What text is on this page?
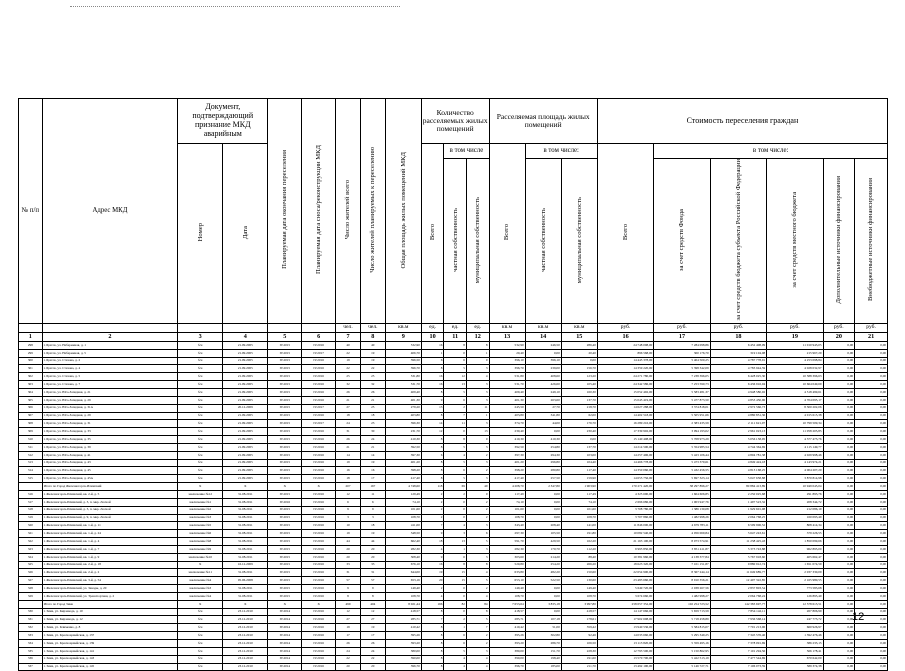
№ п/п	Адрес МКД	Документ, подтверждающий признание МКД аварийным		Планируемая дата окончания переселения	Планируемая дата сноса/реконструкции МКД	Число жителей всего	Число жителей планируемых к переселению	Общая площадь жилых помещений МКД	Количество расселяемых жилых помещений			Расселяемая площадь жилых помещений			Стоимость переселения граждан					
		Номер	Дата						Всего	в том числе		Всего	в том числе:		Всего	в том числе:				
										частная собственность	муниципальная собственность		частная собственность	муниципальная собственность		за счет средств Фонда	за счет средств бюджета субъекта Российской Федерации	за счет средств местного бюджета	Дополнительные источники финансирования	Внебюджетные источники финансирования
						чел.	чел.	кв.м	ед.	ед.	ед.	кв.м	кв.м	кв.м	руб.	руб.	руб.	руб.	руб.	руб.
1	2	3	4	5	6	7	8	9	10	11	12	13	14	15	16	17	18	19	20	21
298	г. Братск, ул. Набережная, д. 1	б/н	21.09.2005	IV.2015	IV.2016	40	40	532,90	16	8	8	532,90	246,50	286,40	24 748 098,00	7 284 098,86	6 452 408,09	11 010 943,05	0,00	0,00
299	г. Братск, ул. Набережная, д. 5	б/н	21.09.2005	IV.2015	IV.2017	22	19	406,70	1	0	1	20,40	0,00	20,40	896 568,00	300 176,70	319 104,08	215 967,29	0,00	0,00
300	г. Братск, ул. Стахова, д. 2	б/н	21.09.2005	IV.2015	IV.2016	19	19	396,50	6	6	0	396,10	396,10	0,00	14 445 378,00	5 404 500,25	4 787 778,91	4 253 098,84	0,00	0,00
301	г. Братск, ул. Стахова, д. 4	б/н	21.09.2005	IV.2015	IV.2016	22	22	396,70	8	5	3	396,70	239,00	156,70	14 359 220,00	5 398 342,09	4 783 944,59	4 028 032,97	0,00	0,00
302	г. Братск, ул. Стахова, д. 5	б/н	21.09.2005	IV.2015	IV.2016	25	25	531,80	16	12	4	531,80	408,60	123,20	24 271 780,00	7 238 396,05	6 428 025,30	10 588 396,63	0,00	0,00
303	г. Братск, ул. Стахова, д. 7	б/н	21.09.2005	IV.2015	IV.2016	32	32	531,70	16	13	3	531,70	426,60	105,40	24 342 586,00	7 253 590,73	6 436 916,04	10 664 049,69	0,00	0,00
304	г. Братск, ул. Юго-Западная, д. 21	б/н	21.09.2005	IV.2015	IV.2016	26	26	409,40	8	5	3	409,40	249,10	160,30	15 052 492,00	5 583 481,37	4 948 580,02	4 518 499,61	0,00	0,00
305	г. Братск, ул. Юго-Западная, д. 29	б/н	21.09.2005	IV.2015	IV.2016	21	21	401,30	9	6	3	401,30	263,60	137,70	15 045 419,00	5 477 873,50	4 853 450,96	4 704 095,17	0,00	0,00
306	г. Братск, ул. Юго-Западная, д. 31А	б/н	20.12.2009	IV.2015	IV.2017	27	25	279,20	13	2	11	245,50	27,70	218,70	14 627 288,00	3 374 818,01	2 972 566,73	8 300 202,06	0,00	0,00
307	г. Братск, ул. Юго-Западная, д. 29	б/н	21.09.2005	IV.2015	IV.2016	18	18	403,80	8	7	1	403,80	341,80	62,00	14 402 518,00	5 505 951,66	4 880 851,36	4 015 615,38	0,00	0,00
308	г. Братск, ул. Юго-Западная, д. 31	б/н	21.09.2005	IV.2015	IV.2017	24	23	396,30	14	11	3	374,70	44,00	176,70	16 289 216,00	2 383 435,59	2 111 621,07	10 799 509,34	0,00	0,00
309	г. Братск, ул. Юго-Западная, д. 33	б/н	21.09.2005	IV.2015	IV.2016	31	30	231,70	12	0	13	230,40	0,00	230,40	17 339 902,00	3 094 193,02	2 961 023,13	11 058 205,85	0,00	0,00
310	г. Братск, ул. Юго-Западная, д. 35	б/н	21.09.2005	IV.2015	IV.2016	26	24	410,30	8	8	0	410,30	410,30	0,00	15 140 408,00	5 708 973,29	5 056 158,95	4 377 473,76	0,00	0,00
311	г. Братск, ул. Юго-Западная, д. 39	б/н	21.09.2005	IV.2015	IV.2016	21	21	392,50	8	5	3	392,50	254,80	137,70	14 214 500,00	5 354 985,54	4 744 364,69	4 115 149,77	0,00	0,00
312	г. Братск, ул. Юго-Западная, д. 41	б/н	21.09.2005	IV.2015	IV.2016	14	14	397,30	6	4	2	397,30	294,30	103,00	14 257 496,00	5 423 106,44	4 804 781,38	4 029 998,46	0,00	0,00
313	г. Братск, ул. Юго-Западная, д. 43	б/н	21.09.2005	IV.2015	IV.2016	19	19	401,20	8	5	3	401,20	296,80	104,40	14 466 778,00	5 473 379,61	4 849 424,18	4 143 974,21	0,00	0,00
314	г. Братск, ул. Юго-Западная, д. 45	б/н	21.09.2005	IV.2015	IV.2016	16	16	398,20	8	6	2	398,20	280,80	117,40	14 350 060,00	5 432 456,55	4 813 168,25	4 004 207,20	0,00	0,00
315	г. Братск, ул. Юго-Западная, д. 45А	б/н	21.09.2005	IV.2015	IV.2016	18	17	417,40	8	5	3	417,40	257,50	159,90	14 655 756,00	5 697 323,14	5 047 658,88	3 870 814,98	0,00	0,00
	Итого по Город Железногорск-Илимский	X	X	X	X	207	167	4 748,60	118	69	49	4 208,70	2 347,80	1 903,90	170 271 420,00	38 297 896,27	80 884 413,89	10 949 045,04	0,00	0,00
316	г. Железногорск-Илимский, кв. 2-й, д. 5	заключение №12	31.08.2011	IV.2015	IV.2016	12	11	129,49	2	2	0	117,49	0,00	117,49	4 325 690,00	1 604 606,85	2 250 025,68	291 893,76	0,00	0,00
317	г. Железногорск-Илимский, д. 3, п. мкр. Лесной	заключение №1	31.08.2011	IV.2016	IV.2016	6	6	74,10	2	0	2	74,10	0,00	74,10	2 696 686,00	1 003 947,76	1 497 523,32	208 344,72	0,00	0,00
318	г. Железногорск-Илимский, д. 3, п. мкр. Лесной	заключение №2	31.08.2011	IV.2015	IV.2016	9	9	101,60	2	0	2	101,60	0,00	101,60	3 708 780,00	1 386 130,08	1 929 601,98	212 086,19	0,00	0,00
319	г. Железногорск-Илимский, д. 9, п. мкр. Лесной	заключение №3	31.08.2011	IV.2015	IV.2016	3	3	108,70	2	0	2	108,70	0,00	108,70	3 707 860,00	1 482 998,26	2 064 768,25	160 093,49	0,00	0,00
320	г. Железногорск-Илимский, кв. 1-й, д. 11	заключение №5	31.08.2011	IV.2015	IV.2016	10	18	411,00	7	4	3	343,40	208,40	141,00	11 846 000,00	4 679 783,11	6 509 906,52	808 414,34	0,00	0,00
321	г. Железногорск-Илимский, кв. 1-й, д. 24	заключение №6	31.08.2011	IV.2015	IV.2016	19	19	348,50	9	3	6	297,30	105,50	191,80	10 082 540,00	4 056 069,84	5 647 243,61	379 226,55	0,00	0,00
322	г. Железногорск-Илимский, кв. 1-й, д. 4	заключение №8	31.08.2011	IV.2015	IV.2016	44	44	662,40	18	13	5	591,70	429,50	162,20	21 163 100,00	8 073 574,91	11 238 425,43	1 850 099,66	0,00	0,00
323	г. Железногорск-Илимский, кв. 1-й, д. 7	заключение №9	31.08.2011	IV.2015	IV.2016	20	20	282,30	4	1	3	282,30	170,70	112,20	9 995 850,00	3 851 411,87	5 373 743,88	962 895,00	0,00	0,00
324	г. Железногорск-Илимский, кв. 1-й, д. 9	заключение №10	31.08.2011	IV.2015	IV.2016	20	20	308,40	9	6	3	303,60	214,20	88,40	10 381 960,00	4 138 377,84	5 767 918,60	405 662,47	0,00	0,00
325	г. Железногорск-Илимский, кв. 2-й, д. 18	X	16.12.2009	IV.2015	IV.2016	33	33	676,10	16	8	8	520,80	254,20	266,20	18 623 320,00	7 101 151,87	9 880 912,74	1 651 074,59	0,00	0,00
326	г. Железногорск-Илимский, кв. 2-й, д. 2	заключение №11	31.08.2011	IV.2015	IV.2016	31	31	644,00	19	15	4	633,80	482,20	150,60	22 654 900,00	8 367 244,14	11 649 689,77	2 037 330,09	0,00	0,00
327	г. Железногорск-Илимский, кв. 3-й, д. 54	заключение №4	05.06.2008	IV.2015	IV.2016	57	57	653,16	20	15	5	653,10	522,50	130,60	23 483 660,00	8 910 356,21	12 407 322,85	2 165 980,55	0,00	0,00
328	г. Железногорск-Илимский, ул. Заводы, д. 20	заключение №3	31.08.2011	IV.2015	IV.2016	9	9	149,40	2	0	2	149,40	0,00	149,40	5 649 720,00	2 038 267,56	2 837 803,54	773 583,68	0,00	0,00
329	г. Железногорск-Илимский, ул. Транспортная, д. 2	заключение №4	31.08.2011	IV.2015	IV.2016	8	8	108,70	4	0	4	108,70	0,00	108,70	3 674 660,00	1 482 998,27	2 064 768,24	126 895,49	0,00	0,00
	Итого по Город Зима	X	X	X	X	499	404	8 021,44	166	82	84	7 653,64	3 835,18	3 997,80	258 057 352,00	102 254 723,52	142 383 697,77	12 578 613,51	0,00	0,00
330	г. Зима, ул. Кирзавода, д. 10	б/н	23.12.2010	IV.2014	IV.2016	12	12	418,57	8	0	8	418,57	0,00	418,57	14 147 666,00	5 659 713,59	7 854 142,11	267 806,99	0,00	0,00
331	г. Зима, ул. Кирзавода, д. 12	б/н	23.12.2010	IV.2014	IV.2016	27	27	285,71	7	2	5	285,71	107,18	178,61	17 902 698,00	5 718 458,89	7 936 568,14	247 773,72	0,00	0,00
332	г. Зима, ул. Клименко, д. 8	б/н	23.12.2010	IV.2014	IV.2016	19	19	410,42	8	1	7	410,42	51,00	359,42	13 940 536,00	5 584 815,07	7 701 213,96	660 926,97	0,00	0,00
333	г. Зима, ул. Красноармейская, д. 137	б/н	23.12.2010	IV.2014	IV.2016	17	17	395,26	8	6	2	395,26	302,80	92,46	14 033 660,00	5 295 349,25	7 345 576,46	1 392 476,46	0,00	0,00
334	г. Зима, ул. Красноармейская, д. 139	б/н	23.12.2010	IV.2014	IV.2016	26	26	393,20	8	6	2	393,20	286,70	106,50	13 113 820,00	5 359 495,16	7 378 091,69	386 233,15	0,00	0,00
335	г. Зима, ул. Красноармейская, д. 141	б/н	23.12.2010	IV.2014	IV.2016	24	24	380,00	8	5	3	380,00	151,70	228,30	12 793 500,00	5 150 862,95	7 101 294,56	566 178,41	0,00	0,00
336	г. Зима, ул. Красноармейская, д. 143	б/н	23.12.2010	IV.2014	IV.2016	22	22	390,00	8	4	4	390,00	198,40	191,60	13 570 700,00	5 422 513,19	7 477 544,69	670 642,00	0,00	0,00
337	г. Зима, ул. Красноармейская, д. 145	б/н	23.12.2010	IV.2014	IV.2016	20	20	396,70	8	4	4	396,70	185,00	211,70	13 492 190,00	5 146 727,71	7 106 073,59	589 374,38	0,00	0,00
12
